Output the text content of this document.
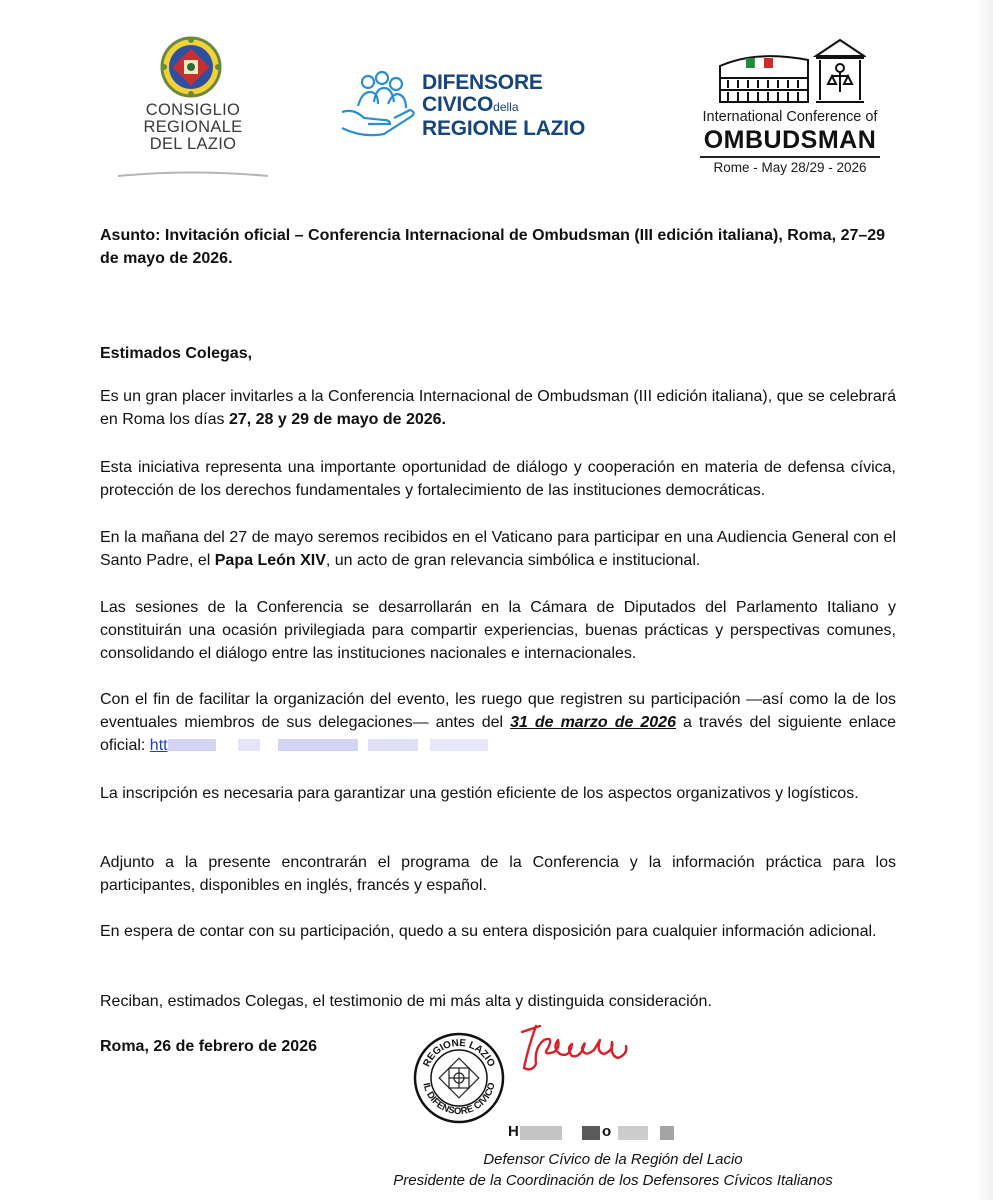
CONSIGLIO
REGIONALE
DEL LAZIO
DIFENSORE
CIVICOdella
REGIONE LAZIO	International Conference of
OMBUDSMAN
Rome - May 28/29 - 2026
Asunto: Invitación oficial – Conferencia Internacional de Ombudsman (III edición italiana), Roma, 27–29 de mayo de 2026.
Estimados Colegas,
Es un gran placer invitarles a la Conferencia Internacional de Ombudsman (III edición italiana), que se celebrará en Roma los días 27, 28 y 29 de mayo de 2026.
Esta iniciativa representa una importante oportunidad de diálogo y cooperación en materia de defensa cívica, protección de los derechos fundamentales y fortalecimiento de las instituciones democráticas.
En la mañana del 27 de mayo seremos recibidos en el Vaticano para participar en una Audiencia General con el Santo Padre, el Papa León XIV, un acto de gran relevancia simbólica e institucional.
Las sesiones de la Conferencia se desarrollarán en la Cámara de Diputados del Parlamento Italiano y constituirán una ocasión privilegiada para compartir experiencias, buenas prácticas y perspectivas comunes, consolidando el diálogo entre las instituciones nacionales e internacionales.
Con el fin de facilitar la organización del evento, les ruego que registren su participación —así como la de los eventuales miembros de sus delegaciones— antes del 31 de marzo de 2026 a través del siguiente enlace oficial: htt
La inscripción es necesaria para garantizar una gestión eficiente de los aspectos organizativos y logísticos.
Adjunto a la presente encontrarán el programa de la Conferencia y la información práctica para los participantes, disponibles en inglés, francés y español.
En espera de contar con su participación, quedo a su entera disposición para cualquier información adicional.
Reciban, estimados Colegas, el testimonio de mi más alta y distinguida consideración.
Roma, 26 de febrero de 2026
REGIONE LAZIO
IL DIFENSORE CIVICO
H	o
Defensor Cívico de la Región del Lacio
Presidente de la Coordinación de los Defensores Cívicos Italianos
